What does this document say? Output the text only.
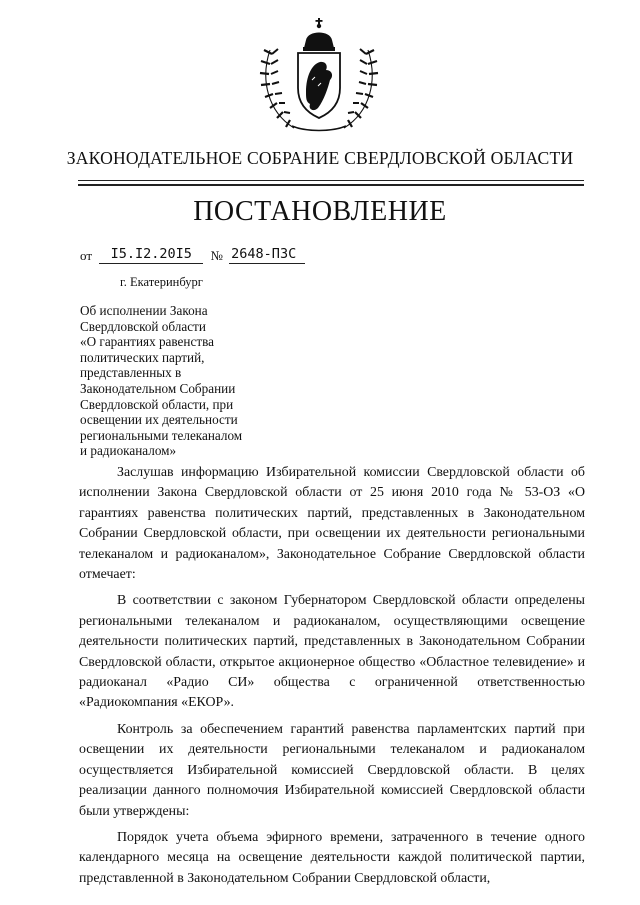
ЗАКОНОДАТЕЛЬНОЕ СОБРАНИЕ СВЕРДЛОВСКОЙ ОБЛАСТИ
ПОСТАНОВЛЕНИЕ
от I5.I2.20I5 № 2648-ПЗС
г. Екатеринбург
Об исполнении Закона
Свердловской области
«О гарантиях равенства
политических партий,
представленных в
Законодательном Собрании
Свердловской области, при
освещении их деятельности
региональными телеканалом
и радиоканалом»

Заслушав информацию Избирательной комиссии Свердловской области об исполнении Закона Свердловской области от 25 июня 2010 года № 53-ОЗ «О гарантиях равенства политических партий, представленных в Законодательном Собрании Свердловской области, при освещении их деятельности региональными телеканалом и радиоканалом», Законодательное Собрание Свердловской области отмечает:

В соответствии с законом Губернатором Свердловской области определены региональными телеканалом и радиоканалом, осуществляющими освещение деятельности политических партий, представленных в Законодательном Собрании Свердловской области, открытое акционерное общество «Областное телевидение» и радиоканал «Радио СИ» общества с ограниченной ответственностью «Радиокомпания «ЕКОР».

Контроль за обеспечением гарантий равенства парламентских партий при освещении их деятельности региональными телеканалом и радиоканалом осуществляется Избирательной комиссией Свердловской области. В целях реализации данного полномочия Избирательной комиссией Свердловской области были утверждены:

Порядок учета объема эфирного времени, затраченного в течение одного календарного месяца на освещение деятельности каждой политической партии, представленной в Законодательном Собрании Свердловской области,
